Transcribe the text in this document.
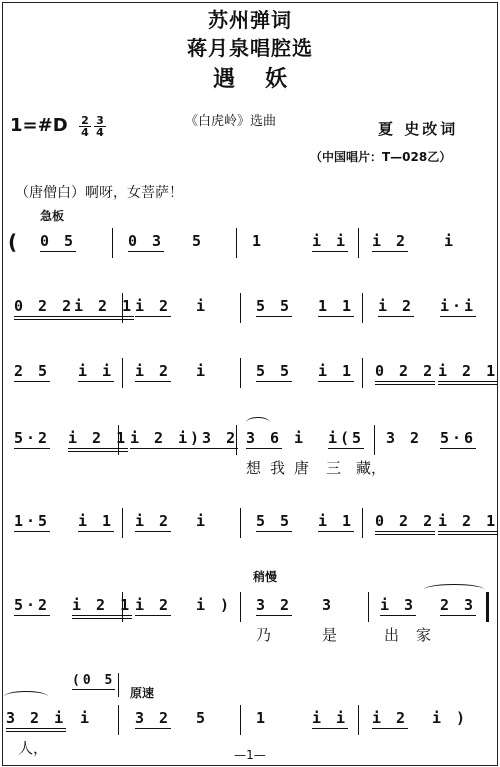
苏州弹词
蒋月泉唱腔选
遇妖
1=#D $\frac{2}{4} \frac{3}{4}$	《白虎岭》选曲	夏 史改词
（中国唱片：T—028乙）
（唐僧白）啊呀，女菩萨！
急板
稍慢
原速
( 0 5	0 3 5	1	i i i 2 i
0 2 2 i 2 1 i 2 i	5 5 1 1 i 2 i·i
2 5 i i i 2 i	5 5 i 1 0 2 2 i 2 1
5·2 i 2 1 i 2 i )3 2 3 6 i i(5 3 2 5·6
想 我 唐 三 藏，
1·5 i 1 i 2 i	5 5 i 1 0 2 2 i 2 1
5·2 i 2 1 i 2 i ) 3 2 3	i 3 2 3
乃	是	出 家
(0 5
3 2 i i	3 2 5	1	i i i 2 i )
人，	—1—
